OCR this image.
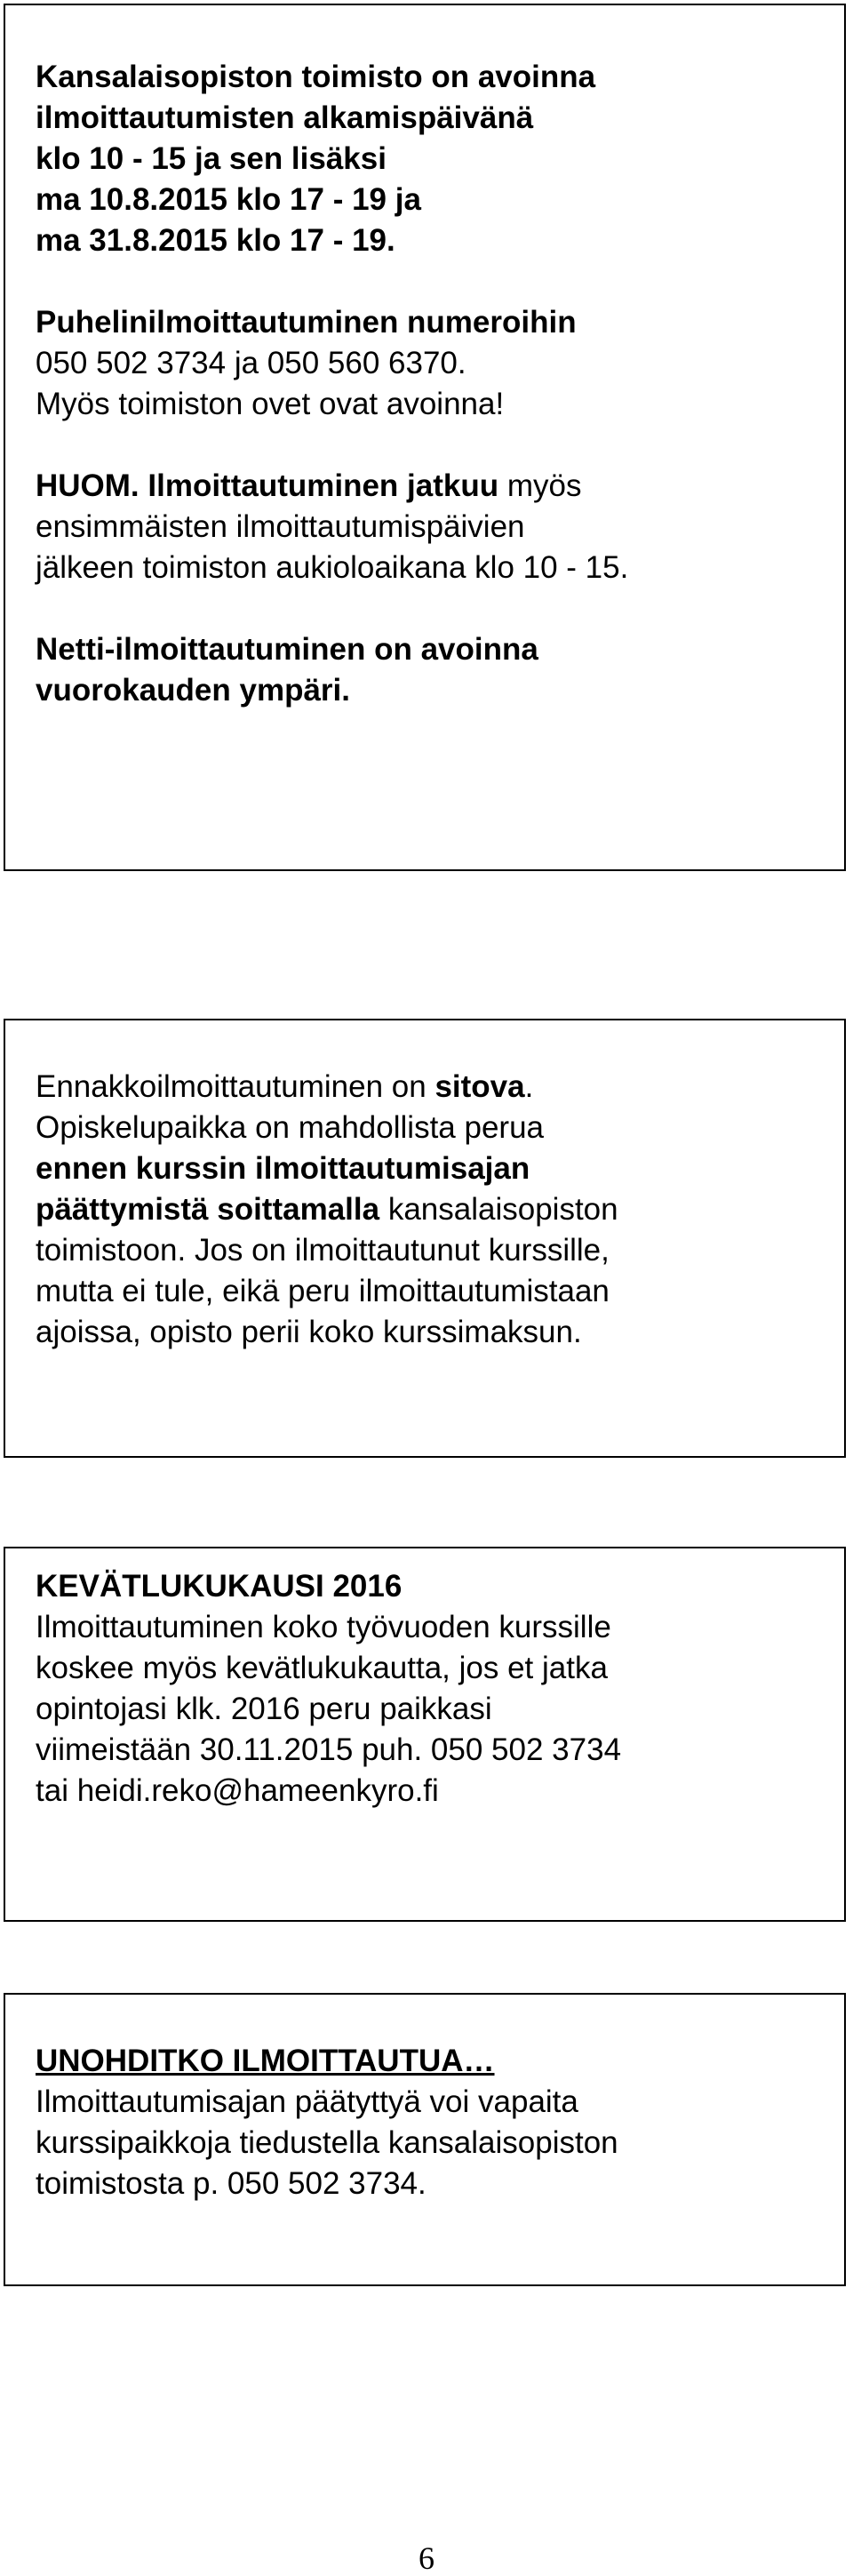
Kansalaisopiston toimisto on avoinna

ilmoittautumisten alkamispäivänä

klo 10 - 15 ja sen lisäksi

ma 10.8.2015 klo 17 - 19 ja

ma 31.8.2015 klo 17 - 19.

Puhelinilmoittautuminen numeroihin

050 502 3734 ja 050 560 6370.

Myös toimiston ovet ovat avoinna!

HUOM. Ilmoittautuminen jatkuu myös

ensimmäisten ilmoittautumispäivien

jälkeen toimiston aukioloaikana klo 10 - 15.

Netti-ilmoittautuminen on avoinna

vuorokauden ympäri.

Ennakkoilmoittautuminen on sitova.

Opiskelupaikka on mahdollista perua

ennen kurssin ilmoittautumisajan

päättymistä soittamalla kansalaisopiston

toimistoon. Jos on ilmoittautunut kurssille,

mutta ei tule, eikä peru ilmoittautumistaan

ajoissa, opisto perii koko kurssimaksun.

KEVÄTLUKUKAUSI 2016

Ilmoittautuminen koko työvuoden kurssille

koskee myös kevätlukukautta, jos et jatka

opintojasi klk. 2016 peru paikkasi

viimeistään 30.11.2015 puh. 050 502 3734

tai heidi.reko@hameenkyro.fi

UNOHDITKO ILMOITTAUTUA…

Ilmoittautumisajan päätyttyä voi vapaita

kurssipaikkoja tiedustella kansalaisopiston

toimistosta p. 050 502 3734.

6
